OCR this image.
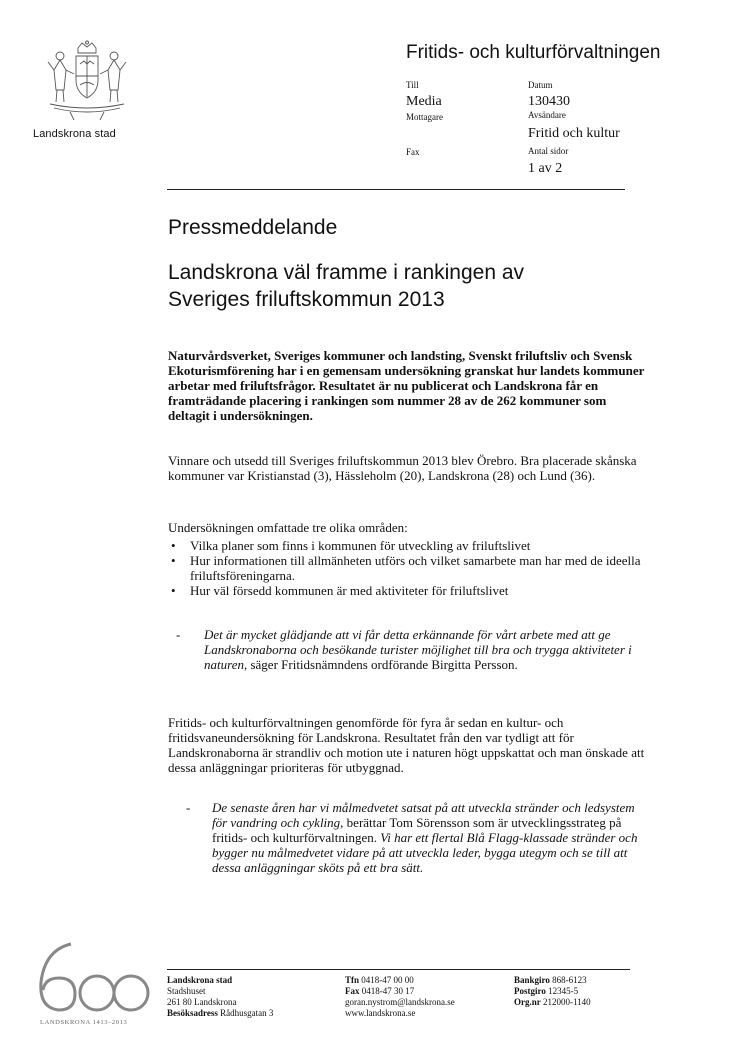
Landskrona stad
Fritids- och kulturförvaltningen
Till
Media
Mottagare
Fax
Datum
130430
Avsändare
Fritid och kultur
Antal sidor
1 av 2
Pressmeddelande
Landskrona väl framme i rankingen av
Sveriges friluftskommun 2013
Naturvårdsverket, Sveriges kommuner och landsting, Svenskt friluftsliv och Svensk Ekoturismförening har i en gemensam undersökning granskat hur landets kommuner arbetar med friluftsfrågor. Resultatet är nu publicerat och Landskrona får en framträdande placering i rankingen som nummer 28 av de 262 kommuner som deltagit i undersökningen.
Vinnare och utsedd till Sveriges friluftskommun 2013 blev Örebro. Bra placerade skånska kommuner var Kristianstad (3), Hässleholm (20), Landskrona (28) och Lund (36).
Undersökningen omfattade tre olika områden:
• Vilka planer som finns i kommunen för utveckling av friluftslivet
• Hur informationen till allmänheten utförs och vilket samarbete man har med de ideella friluftsföreningarna.
• Hur väl försedd kommunen är med aktiviteter för friluftslivet
- Det är mycket glädjande att vi får detta erkännande för vårt arbete med att ge Landskronaborna och besökande turister möjlighet till bra och trygga aktiviteter i naturen, säger Fritidsnämndens ordförande Birgitta Persson.
Fritids- och kulturförvaltningen genomförde för fyra år sedan en kultur- och fritidsvaneundersökning för Landskrona. Resultatet från den var tydligt att för Landskronaborna är strandliv och motion ute i naturen högt uppskattat och man önskade att dessa anläggningar prioriteras för utbyggnad.
- De senaste åren har vi målmedvetet satsat på att utveckla stränder och ledsystem för vandring och cykling, berättar Tom Sörensson som är utvecklingsstrateg på fritids- och kulturförvaltningen. Vi har ett flertal Blå Flagg-klassade stränder och bygger nu målmedvetet vidare på att utveckla leder, bygga utegym och se till att dessa anläggningar sköts på ett bra sätt.
LANDSKRONA 1413–2013
Landskrona stad
Stadshuset
261 80 Landskrona
Besöksadress Rådhusgatan 3
Tfn 0418-47 00 00
Fax 0418-47 30 17
goran.nystrom@landskrona.se
www.landskrona.se
Bankgiro 868-6123
Postgiro 12345-5
Org.nr 212000-1140
